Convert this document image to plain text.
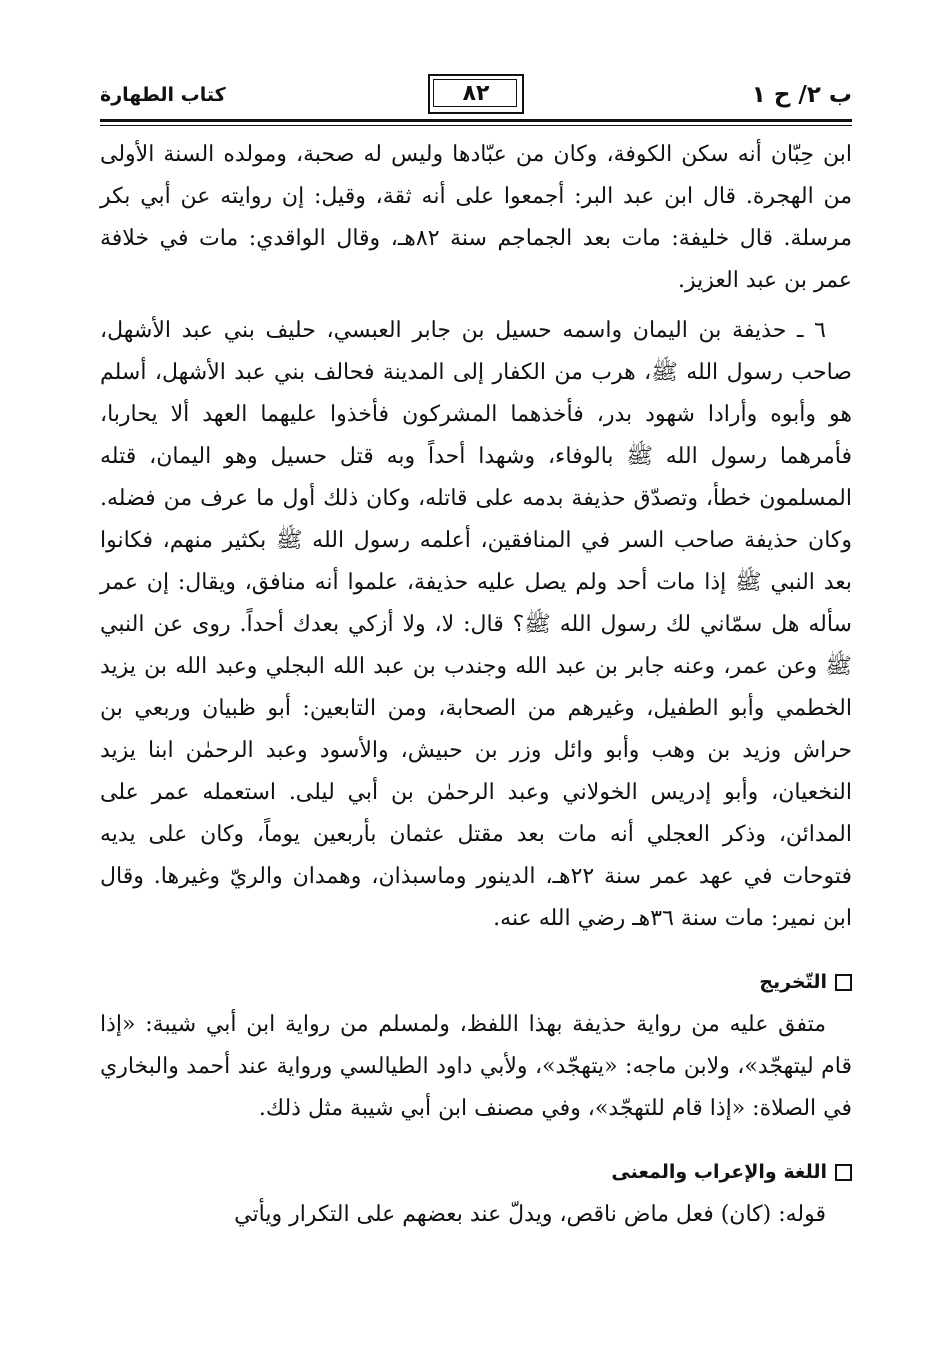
كتاب الطهارة	٨٢	ب ٢/ ح ١

ابن حِبّان أنه سكن الكوفة، وكان من عبّادها وليس له صحبة، ومولده السنة الأولى من الهجرة. قال ابن عبد البر: أجمعوا على أنه ثقة، وقيل: إن روايته عن أبي بكر مرسلة. قال خليفة: مات بعد الجماجم سنة ٨٢هـ، وقال الواقدي: مات في خلافة عمر بن عبد العزيز.

٦ ـ حذيفة بن اليمان واسمه حسيل بن جابر العبسي، حليف بني عبد الأشهل، صاحب رسول الله ﷺ، هرب من الكفار إلى المدينة فحالف بني عبد الأشهل، أسلم هو وأبوه وأرادا شهود بدر، فأخذهما المشركون فأخذوا عليهما العهد ألا يحاربا، فأمرهما رسول الله ﷺ بالوفاء، وشهدا أحداً وبه قتل حسيل وهو اليمان، قتله المسلمون خطأ، وتصدّق حذيفة بدمه على قاتله، وكان ذلك أول ما عرف من فضله. وكان حذيفة صاحب السر في المنافقين، أعلمه رسول الله ﷺ بكثير منهم، فكانوا بعد النبي ﷺ إذا مات أحد ولم يصل عليه حذيفة، علموا أنه منافق، ويقال: إن عمر سأله هل سمّاني لك رسول الله ﷺ؟ قال: لا، ولا أزكي بعدك أحداً. روى عن النبي ﷺ وعن عمر، وعنه جابر بن عبد الله وجندب بن عبد الله البجلي وعبد الله بن يزيد الخطمي وأبو الطفيل، وغيرهم من الصحابة، ومن التابعين: أبو ظبيان وربعي بن حراش وزيد بن وهب وأبو وائل وزر بن حبيش، والأسود وعبد الرحمٰن ابنا يزيد النخعيان، وأبو إدريس الخولاني وعبد الرحمٰن بن أبي ليلى. استعمله عمر على المدائن، وذكر العجلي أنه مات بعد مقتل عثمان بأربعين يوماً، وكان على يديه فتوحات في عهد عمر سنة ٢٢هـ، الدينور وماسبذان، وهمدان والريّ وغيرها. وقال ابن نمير: مات سنة ٣٦هـ رضي الله عنه.

التّخريج

متفق عليه من رواية حذيفة بهذا اللفظ، ولمسلم من رواية ابن أبي شيبة: «إذا قام ليتهجّد»، ولابن ماجه: «يتهجّد»، ولأبي داود الطيالسي ورواية عند أحمد والبخاري في الصلاة: «إذا قام للتهجّد»، وفي مصنف ابن أبي شيبة مثل ذلك.

اللغة والإعراب والمعنى

قوله: (كان) فعل ماض ناقص، ويدلّ عند بعضهم على التكرار ويأتي
